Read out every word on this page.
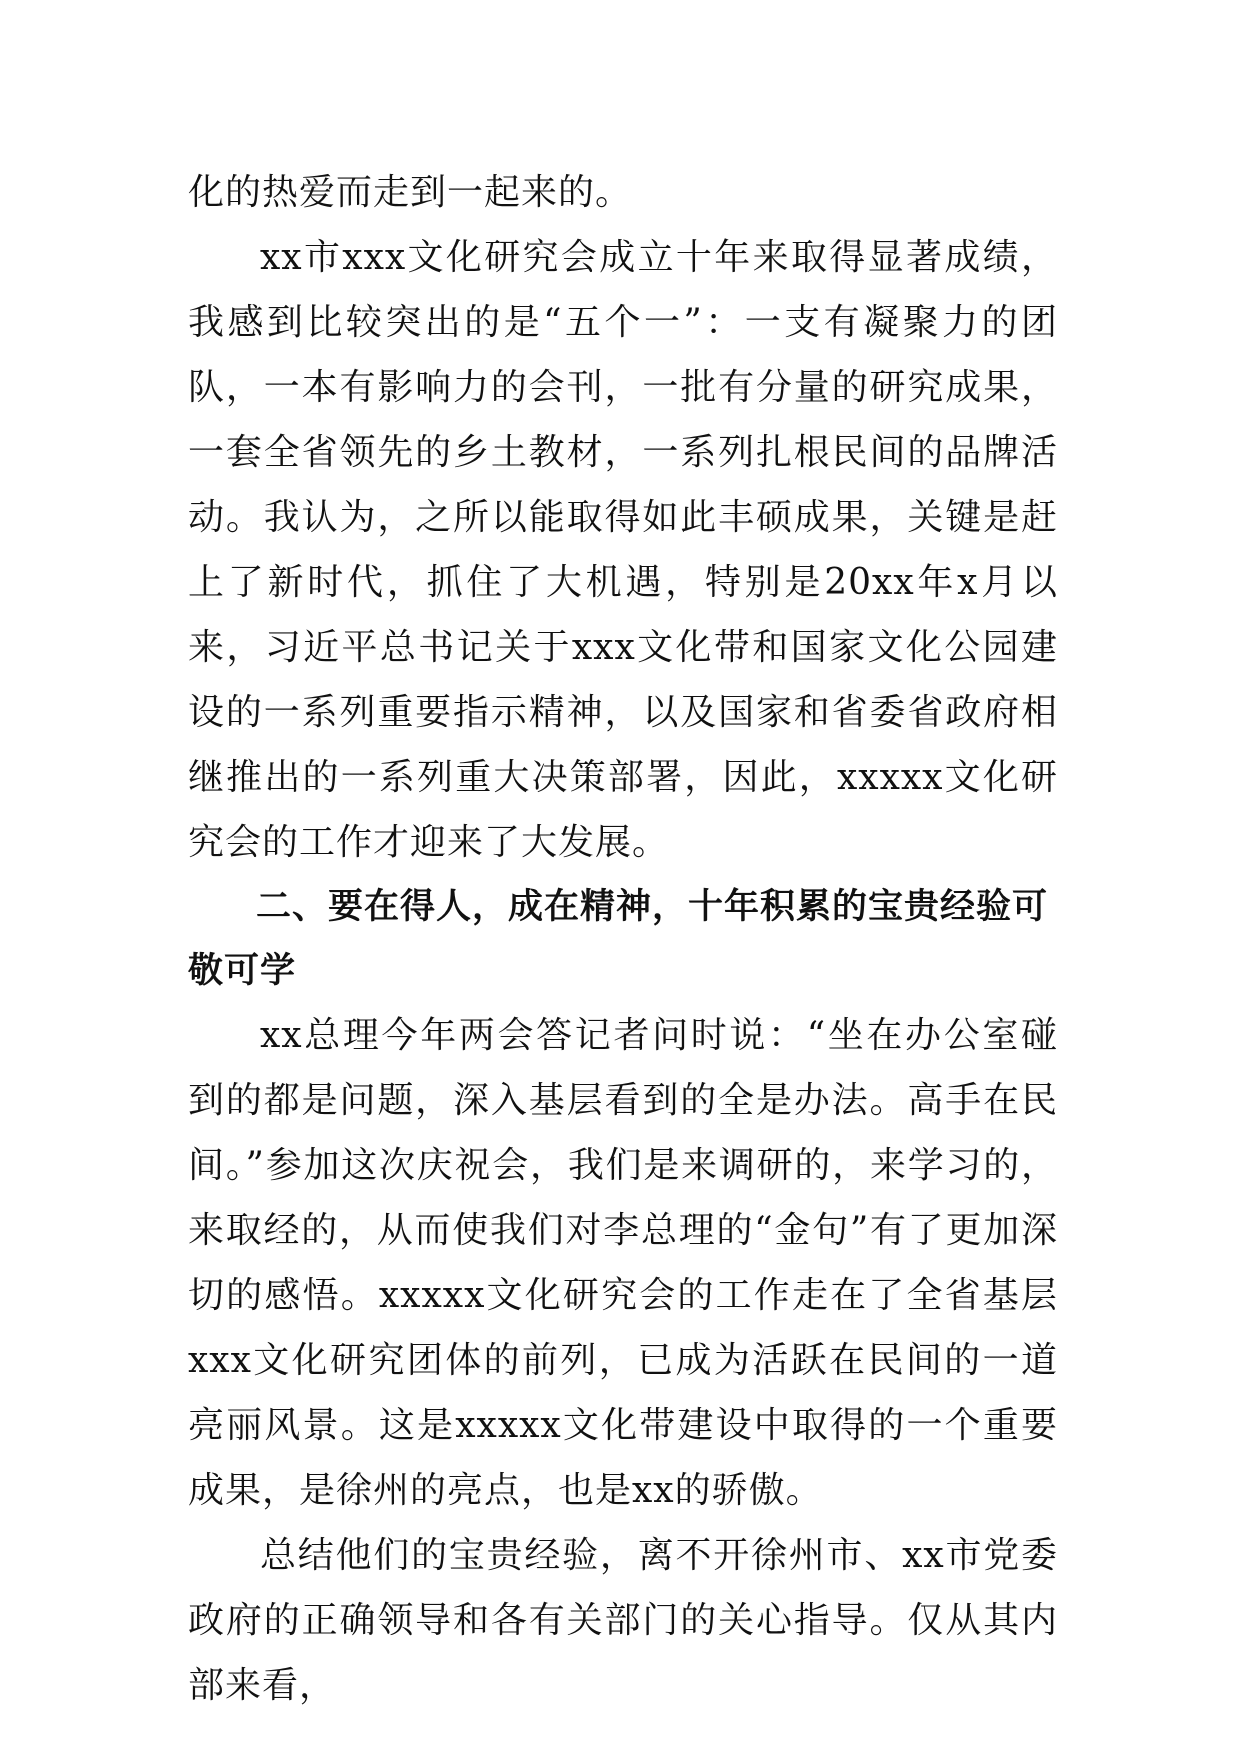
化的热爱而走到一起来的。

xx市xxx文化研究会成立十年来取得显著成绩，我感到比较突出的是“五个一”：一支有凝聚力的团队，一本有影响力的会刊，一批有分量的研究成果，一套全省领先的乡土教材，一系列扎根民间的品牌活动。我认为，之所以能取得如此丰硕成果，关键是赶上了新时代，抓住了大机遇，特别是20xx年x月以来，习近平总书记关于xxx文化带和国家文化公园建设的一系列重要指示精神，以及国家和省委省政府相继推出的一系列重大决策部署，因此，xxxxx文化研究会的工作才迎来了大发展。

二、要在得人，成在精神，十年积累的宝贵经验可敬可学

xx总理今年两会答记者问时说：“坐在办公室碰到的都是问题，深入基层看到的全是办法。高手在民间。”参加这次庆祝会，我们是来调研的，来学习的，来取经的，从而使我们对李总理的“金句”有了更加深切的感悟。xxxxx文化研究会的工作走在了全省基层xxx文化研究团体的前列，已成为活跃在民间的一道亮丽风景。这是xxxxx文化带建设中取得的一个重要成果，是徐州的亮点，也是xx的骄傲。

总结他们的宝贵经验，离不开徐州市、xx市党委政府的正确领导和各有关部门的关心指导。仅从其内部来看，
